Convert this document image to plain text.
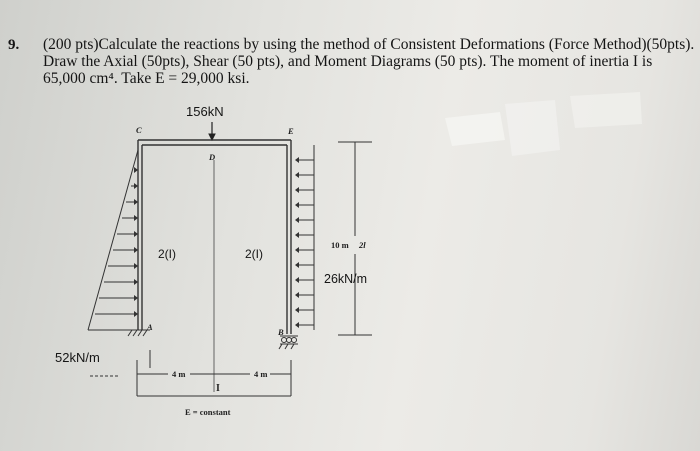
9. (200 pts)Calculate the reactions by using the method of Consistent Deformations (Force Method)(50pts). Draw the Axial (50pts), Shear (50 pts), and Moment Diagrams (50 pts). The moment of inertia I is 65,000 cm⁴. Take E = 29,000 ksi.
156kN
2(I)	2(I)
26kN/m
52kN/m
C	E
D
A	B
10 m 2l
4 m	4 m
I
E = constant
